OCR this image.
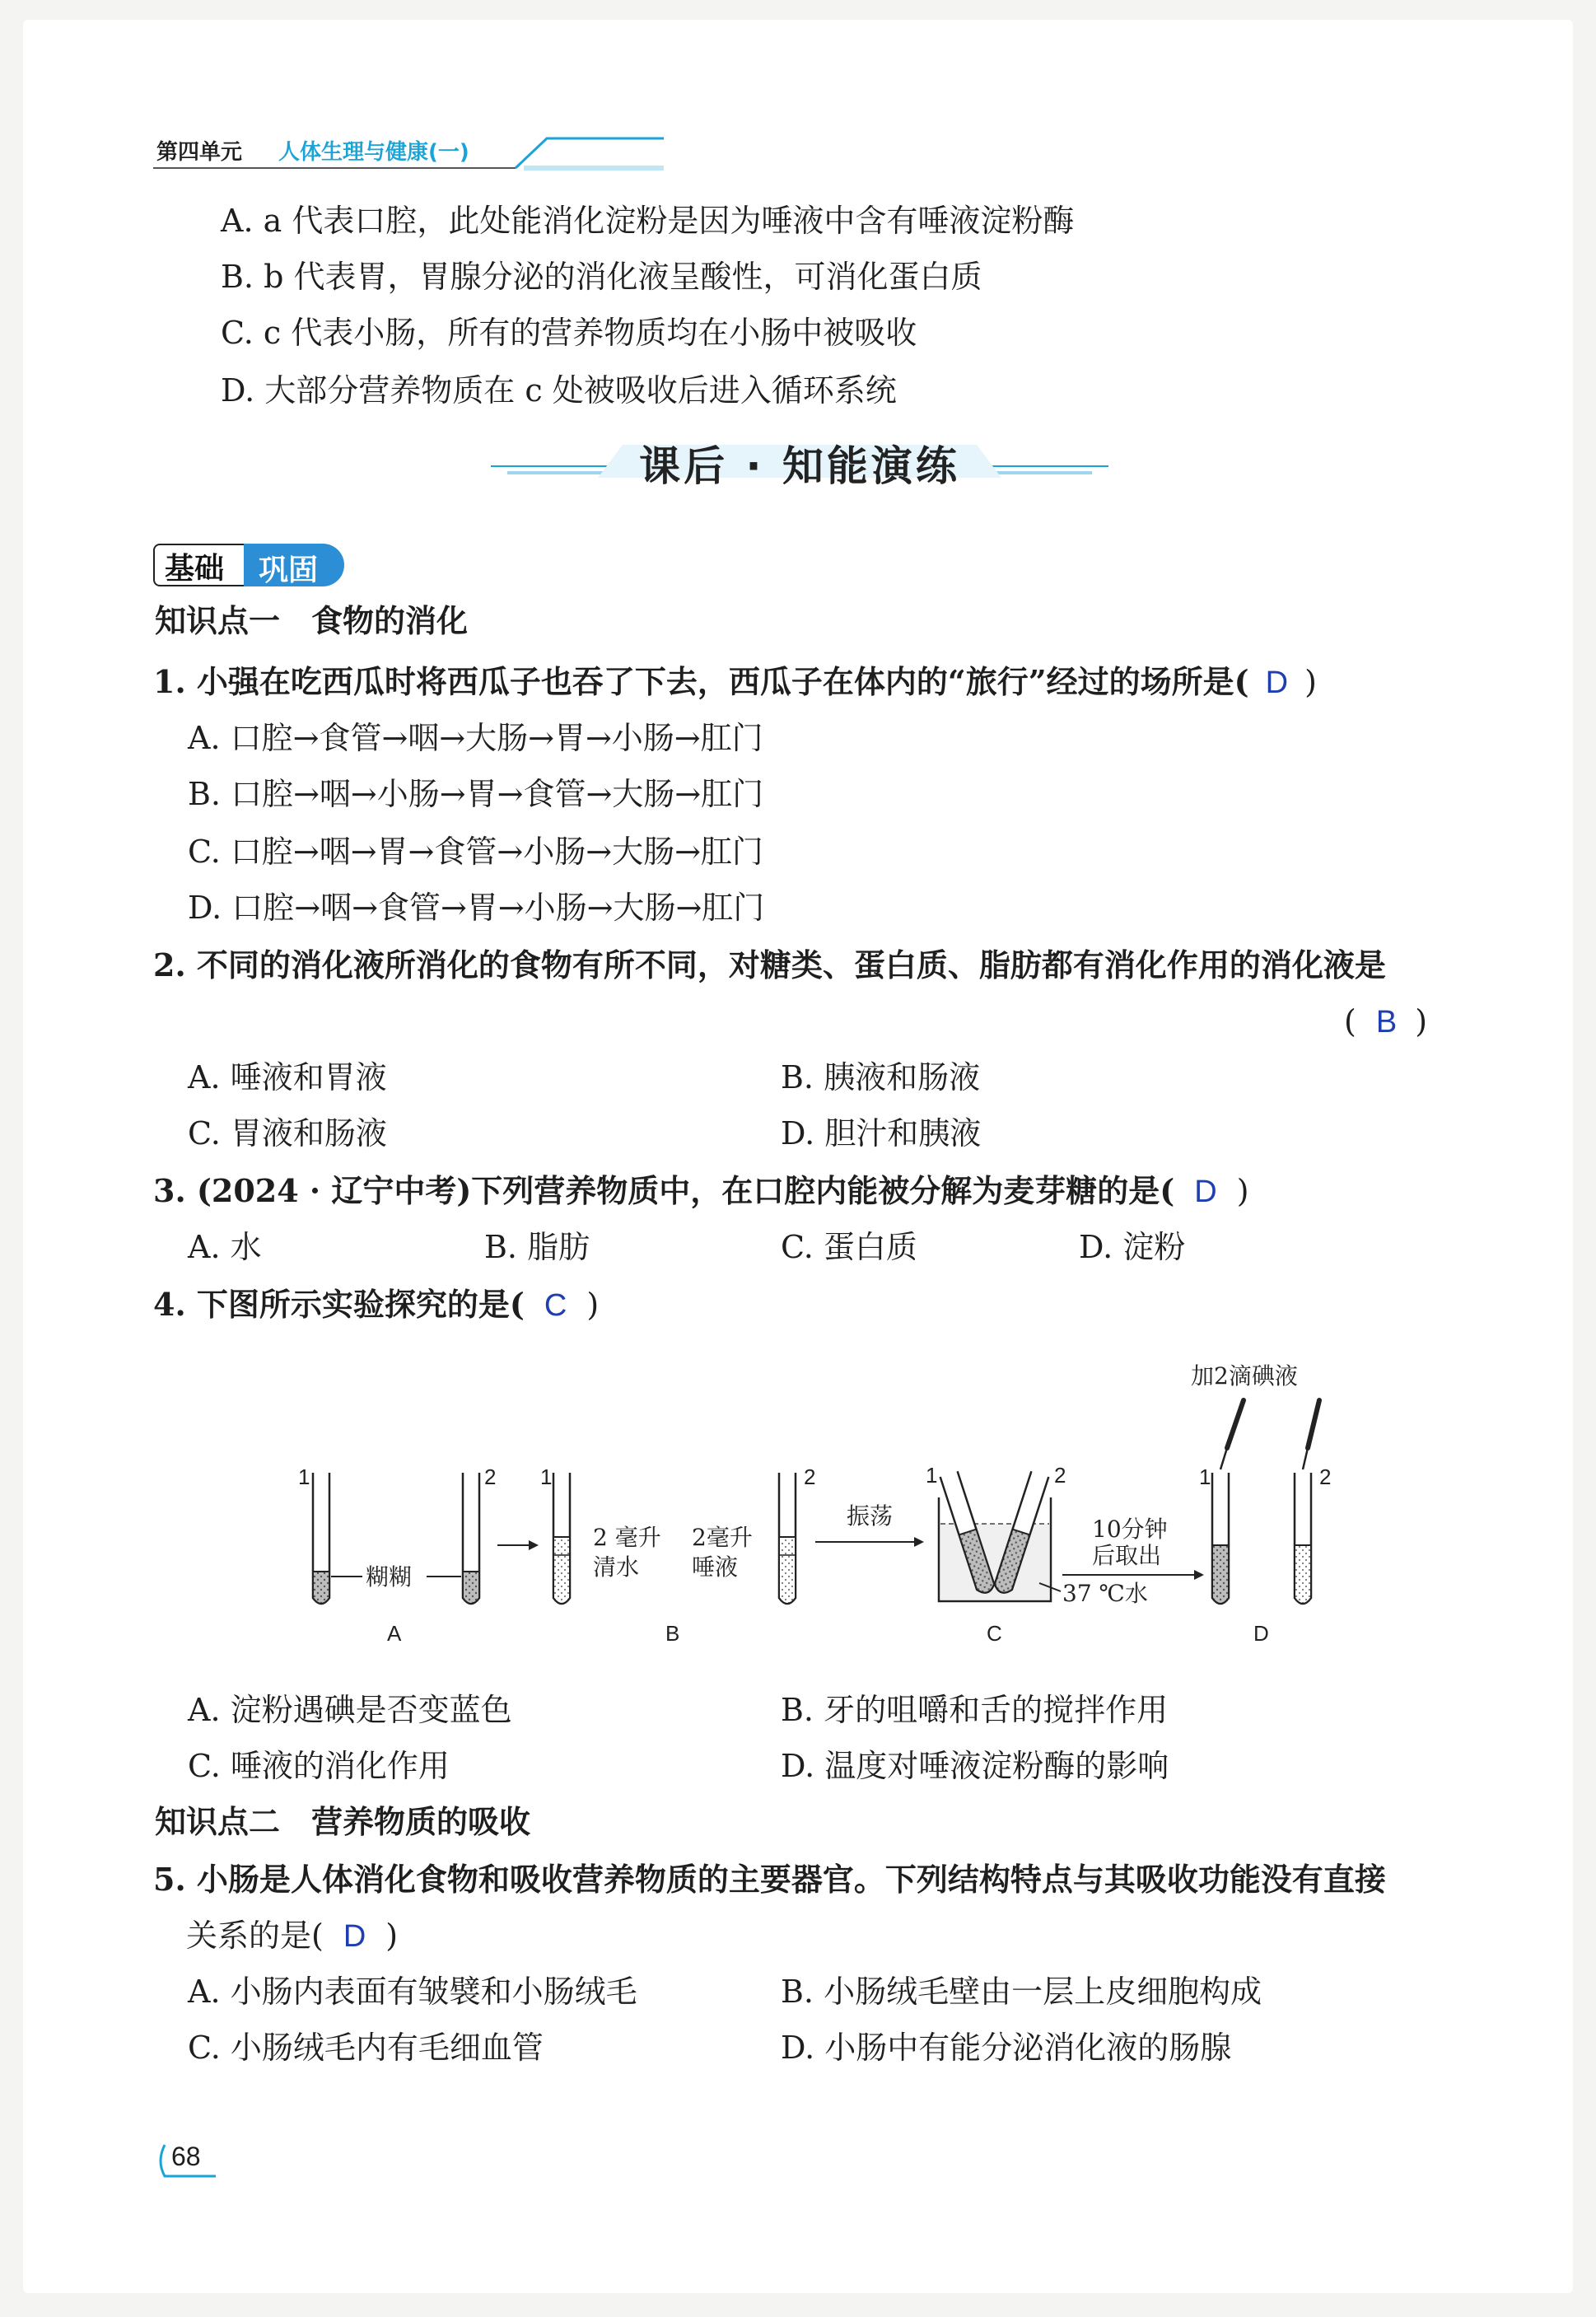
第四单元 人体生理与健康(一)
A. a 代表口腔，此处能消化淀粉是因为唾液中含有唾液淀粉酶
B. b 代表胃，胃腺分泌的消化液呈酸性，可消化蛋白质
C. c 代表小肠，所有的营养物质均在小肠中被吸收
D. 大部分营养物质在 c 处被吸收后进入循环系统
课后 · 知能演练
基础 巩固
知识点一　食物的消化
1. 小强在吃西瓜时将西瓜子也吞了下去，西瓜子在体内的“旅行”经过的场所是( D )
A. 口腔→食管→咽→大肠→胃→小肠→肛门
B. 口腔→咽→小肠→胃→食管→大肠→肛门
C. 口腔→咽→胃→食管→小肠→大肠→肛门
D. 口腔→咽→食管→胃→小肠→大肠→肛门
2. 不同的消化液所消化的食物有所不同，对糖类、蛋白质、脂肪都有消化作用的消化液是
( B )
A. 唾液和胃液	B. 胰液和肠液
C. 胃液和肠液	D. 胆汁和胰液
3. (2024 · 辽宁中考)下列营养物质中，在口腔内能被分解为麦芽糖的是( D )
A. 水	B. 脂肪	C. 蛋白质	D. 淀粉
4. 下图所示实验探究的是( C )
1	2
糊糊
A
1
2 毫升
清水
2毫升
唾液
2
B
振荡
1	2
37 ℃水
C
10分钟
后取出
加2滴碘液
1	2
D
A. 淀粉遇碘是否变蓝色	B. 牙的咀嚼和舌的搅拌作用
C. 唾液的消化作用	D. 温度对唾液淀粉酶的影响
知识点二　营养物质的吸收
5. 小肠是人体消化食物和吸收营养物质的主要器官。下列结构特点与其吸收功能没有直接
关系的是( D )
A. 小肠内表面有皱襞和小肠绒毛	B. 小肠绒毛壁由一层上皮细胞构成
C. 小肠绒毛内有毛细血管	D. 小肠中有能分泌消化液的肠腺
68
